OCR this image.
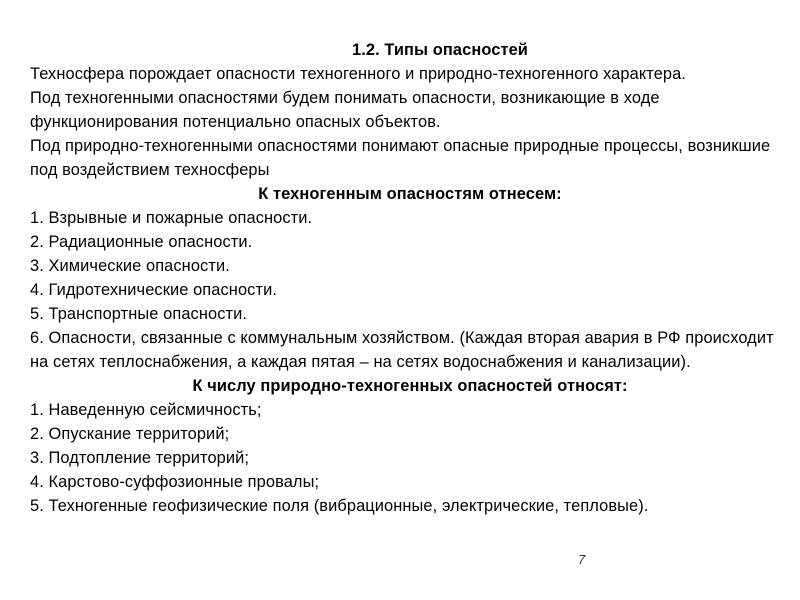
1.2. Типы опасностей

Техносфера порождает опасности техногенного и природно-техногенного характера.

Под техногенными опасностями будем понимать опасности, возникающие в ходе функционирования потенциально опасных объектов.

Под природно-техногенными опасностями понимают опасные природные процессы, возникшие под воздействием техносферы

К техногенным опасностям отнесем:

1. Взрывные и пожарные опасности.
2. Радиационные опасности.
3. Химические опасности.
4. Гидротехнические опасности.
5. Транспортные опасности.
6. Опасности, связанные с коммунальным хозяйством. (Каждая вторая авария в РФ происходит на сетях теплоснабжения, а каждая пятая – на сетях водоснабжения и канализации).

К числу природно-техногенных опасностей относят:

1. Наведенную сейсмичность;
2. Опускание территорий;
3. Подтопление территорий;
4. Карстово-суффозионные провалы;
5. Техногенные геофизические поля (вибрационные, электрические, тепловые).
7
